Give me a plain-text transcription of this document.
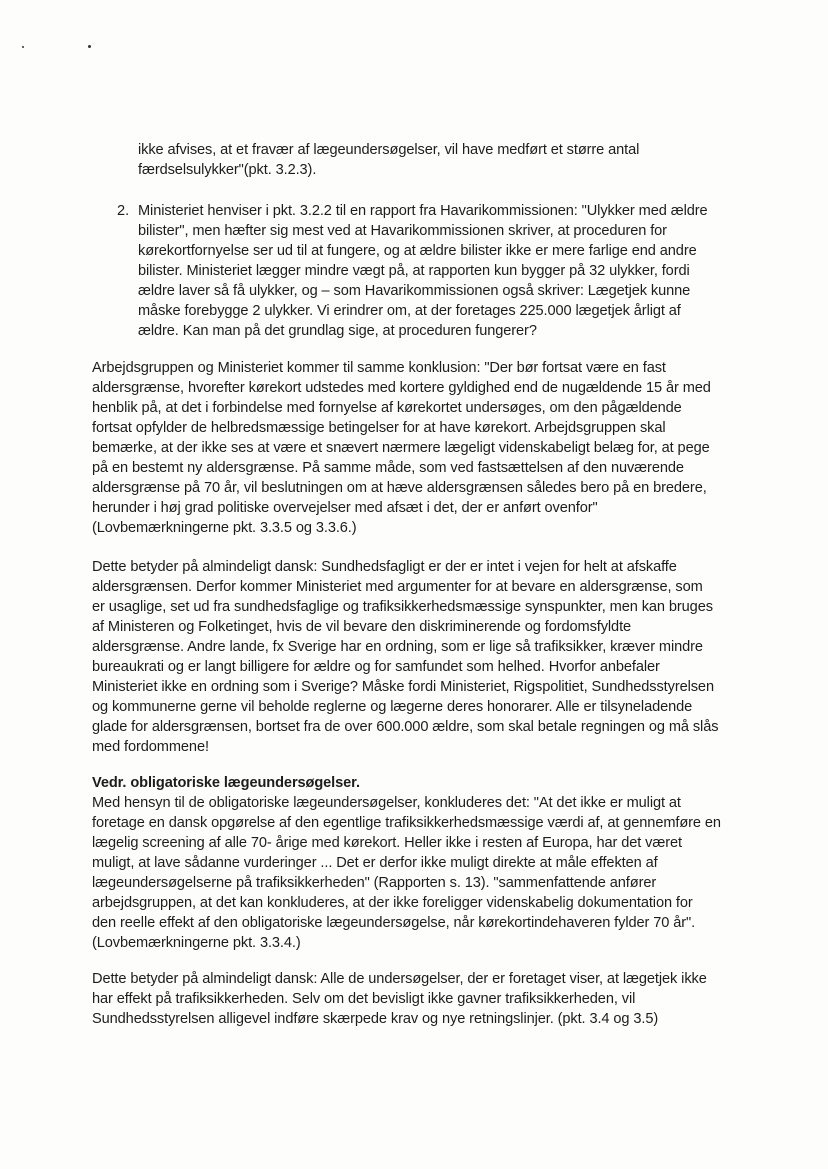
ikke afvises, at et fravær af lægeundersøgelser, vil have medført et større antal
færdselsulykker"(pkt. 3.2.3).
2. Ministeriet henviser i pkt. 3.2.2 til en rapport fra Havarikommissionen: "Ulykker med ældre
bilister", men hæfter sig mest ved at Havarikommissionen skriver, at proceduren for
kørekortfornyelse ser ud til at fungere, og at ældre bilister ikke er mere farlige end andre
bilister. Ministeriet lægger mindre vægt på, at rapporten kun bygger på 32 ulykker, fordi
ældre laver så få ulykker, og – som Havarikommissionen også skriver: Lægetjek kunne
måske forebygge 2 ulykker. Vi erindrer om, at der foretages 225.000 lægetjek årligt af
ældre. Kan man på det grundlag sige, at proceduren fungerer?
Arbejdsgruppen og Ministeriet kommer til samme konklusion: "Der bør fortsat være en fast
aldersgrænse, hvorefter kørekort udstedes med kortere gyldighed end de nugældende 15 år med
henblik på, at det i forbindelse med fornyelse af kørekortet undersøges, om den pågældende
fortsat opfylder de helbredsmæssige betingelser for at have kørekort. Arbejdsgruppen skal
bemærke, at der ikke ses at være et snævert nærmere lægeligt videnskabeligt belæg for, at pege
på en bestemt ny aldersgrænse. På samme måde, som ved fastsættelsen af den nuværende
aldersgrænse på 70 år, vil beslutningen om at hæve aldersgrænsen således bero på en bredere,
herunder i høj grad politiske overvejelser med afsæt i det, der er anført ovenfor"
(Lovbemærkningerne pkt. 3.3.5 og 3.3.6.)
Dette betyder på almindeligt dansk: Sundhedsfagligt er der er intet i vejen for helt at afskaffe
aldersgrænsen. Derfor kommer Ministeriet med argumenter for at bevare en aldersgrænse, som
er usaglige, set ud fra sundhedsfaglige og trafiksikkerhedsmæssige synspunkter, men kan bruges
af Ministeren og Folketinget, hvis de vil bevare den diskriminerende og fordomsfyldte
aldersgrænse. Andre lande, fx Sverige har en ordning, som er lige så trafiksikker, kræver mindre
bureaukrati og er langt billigere for ældre og for samfundet som helhed. Hvorfor anbefaler
Ministeriet ikke en ordning som i Sverige? Måske fordi Ministeriet, Rigspolitiet, Sundhedsstyrelsen
og kommunerne gerne vil beholde reglerne og lægerne deres honorarer. Alle er tilsyneladende
glade for aldersgrænsen, bortset fra de over 600.000 ældre, som skal betale regningen og må slås
med fordommene!
Vedr. obligatoriske lægeundersøgelser.
Med hensyn til de obligatoriske lægeundersøgelser, konkluderes det: "At det ikke er muligt at
foretage en dansk opgørelse af den egentlige trafiksikkerhedsmæssige værdi af, at gennemføre en
lægelig screening af alle 70- årige med kørekort. Heller ikke i resten af Europa, har det været
muligt, at lave sådanne vurderinger ... Det er derfor ikke muligt direkte at måle effekten af
lægeundersøgelserne på trafiksikkerheden" (Rapporten s. 13). "sammenfattende anfører
arbejdsgruppen, at det kan konkluderes, at der ikke foreligger videnskabelig dokumentation for
den reelle effekt af den obligatoriske lægeundersøgelse, når kørekortindehaveren fylder 70 år".
(Lovbemærkningerne pkt. 3.3.4.)
Dette betyder på almindeligt dansk: Alle de undersøgelser, der er foretaget viser, at lægetjek ikke
har effekt på trafiksikkerheden. Selv om det bevisligt ikke gavner trafiksikkerheden, vil
Sundhedsstyrelsen alligevel indføre skærpede krav og nye retningslinjer. (pkt. 3.4 og 3.5)
